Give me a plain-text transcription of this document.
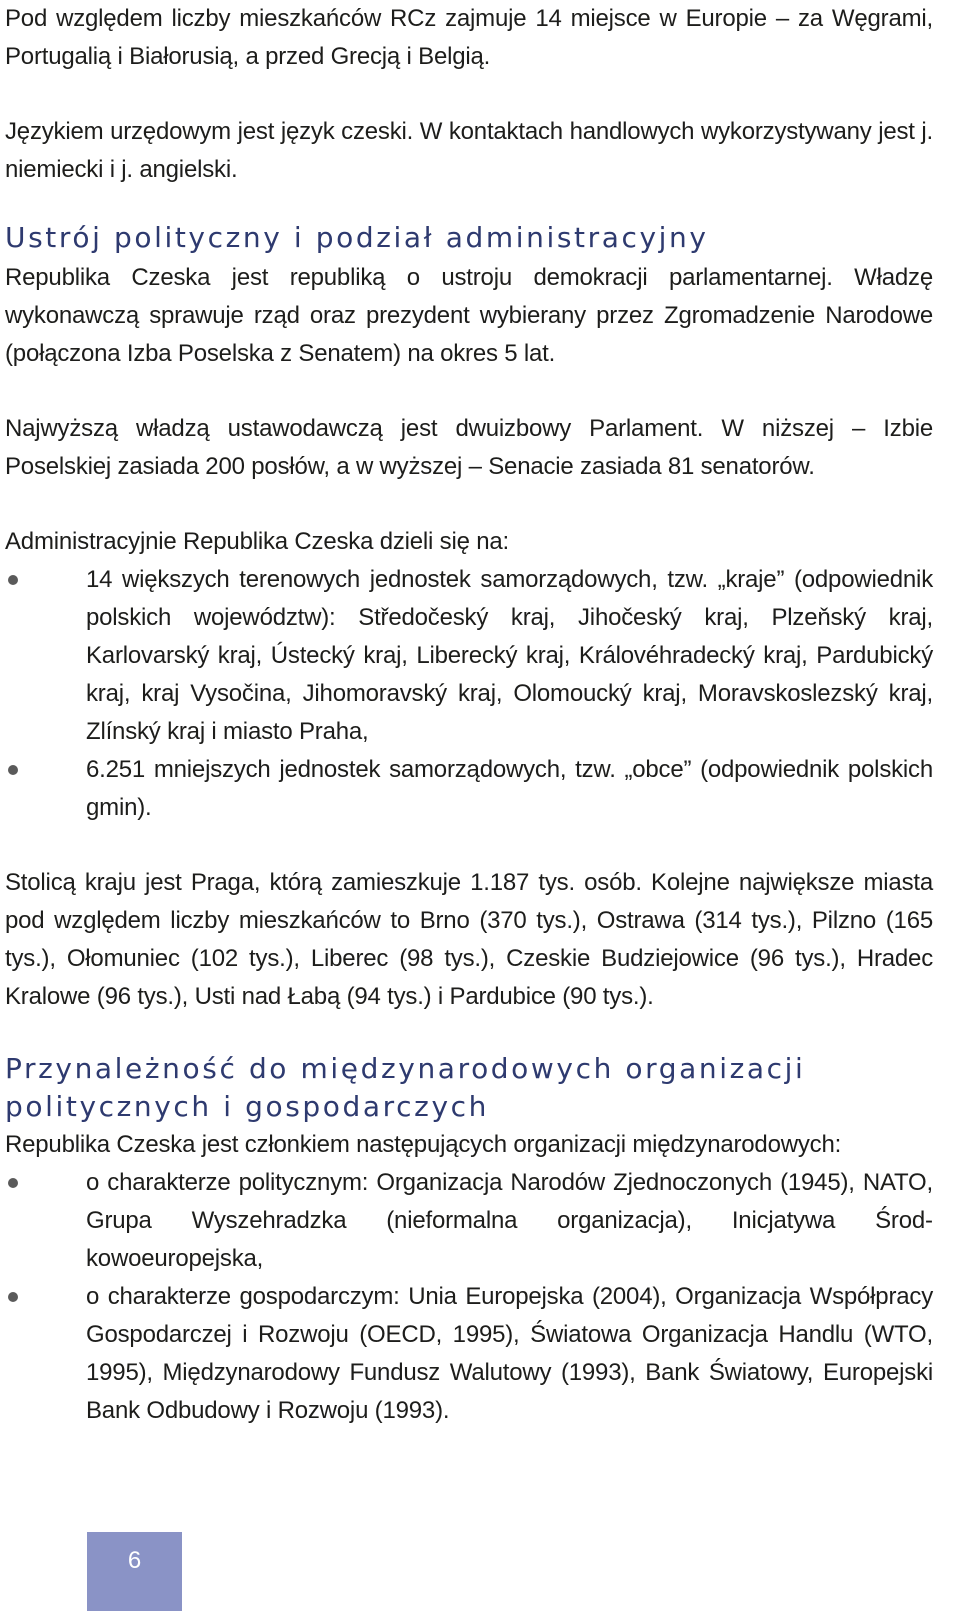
Pod względem liczby mieszkańców RCz zajmuje 14 miejsce w Europie – za Węgrami, Portugalią i Białorusią, a przed Grecją i Belgią.

Językiem urzędowym jest język czeski. W kontaktach handlowych wykorzystywany jest j. niemiecki i j. angielski.

Ustrój polityczny i podział administracyjny

Republika Czeska jest republiką o ustroju demokracji parlamentarnej. Władzę wykonawczą sprawuje rząd oraz prezydent wybierany przez Zgromadzenie Narodowe (połączona Izba Poselska z Senatem) na okres 5 lat.

Najwyższą władzą ustawodawczą jest dwuizbowy Parlament. W niższej – Izbie Poselskiej zasiada 200 posłów, a w wyższej – Senacie zasiada 81 senatorów.

Administracyjnie Republika Czeska dzieli się na:

14 większych terenowych jednostek samorządowych, tzw. „kraje” (odpowiednik polskich województw): Středočeský kraj, Jihočeský kraj, Plzeňský kraj, Karlovarský kraj, Ústecký kraj, Liberecký kraj, Královéhradecký kraj, Pardubický kraj, kraj Vysočina, Jihomoravský kraj, Olomoucký kraj, Moravskoslezský kraj, Zlínský kraj i miasto Praha,

6.251 mniejszych jednostek samorządowych, tzw. „obce” (odpowiednik polskich gmin).

Stolicą kraju jest Praga, którą zamieszkuje 1.187 tys. osób. Kolejne największe miasta pod względem liczby mieszkańców to Brno (370 tys.), Ostrawa (314 tys.), Pilzno (165 tys.), Ołomuniec (102 tys.), Liberec (98 tys.), Czeskie Budziejowice (96 tys.), Hradec Kralowe (96 tys.), Usti nad Łabą (94 tys.) i Pardubice (90 tys.).

Przynależność do międzynarodowych organizacji politycznych i gospodarczych

Republika Czeska jest członkiem następujących organizacji międzynarodowych:

o charakterze politycznym: Organizacja Narodów Zjednoczonych (1945), NATO, Grupa Wyszehradzka (nieformalna organizacja), Inicjatywa Środkowoeuropejska,

o charakterze gospodarczym: Unia Europejska (2004), Organizacja Współpracy Gospodarczej i Rozwoju (OECD, 1995), Światowa Organizacja Handlu (WTO, 1995), Międzynarodowy Fundusz Walutowy (1993), Bank Światowy, Europejski Bank Odbudowy i Rozwoju (1993).

6
